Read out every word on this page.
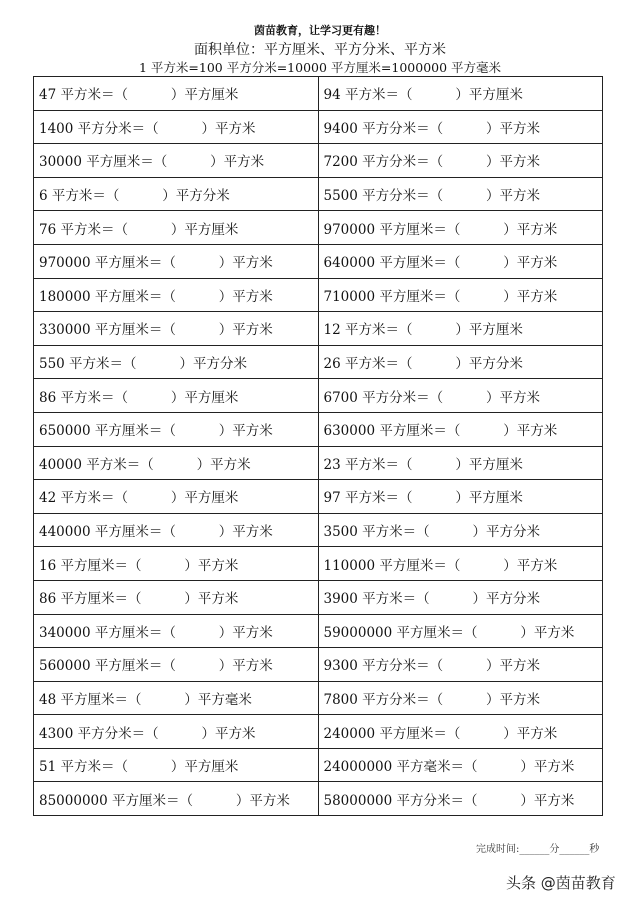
茵苗教育，让学习更有趣！
面积单位：平方厘米、平方分米、平方米
1 平方米=100 平方分米=10000 平方厘米=1000000 平方毫米
47 平方米＝（          ）平方厘米	94 平方米＝（          ）平方厘米

1400 平方分米＝（          ）平方米	9400 平方分米＝（          ）平方米

30000 平方厘米＝（          ）平方米	7200 平方分米＝（          ）平方米

6 平方米＝（          ）平方分米	5500 平方分米＝（          ）平方米

76 平方米＝（          ）平方厘米	970000 平方厘米＝（          ）平方米

970000 平方厘米＝（          ）平方米	640000 平方厘米＝（          ）平方米

180000 平方厘米＝（          ）平方米	710000 平方厘米＝（          ）平方米

330000 平方厘米＝（          ）平方米	12 平方米＝（          ）平方厘米

550 平方米＝（          ）平方分米	26 平方米＝（          ）平方分米

86 平方米＝（          ）平方厘米	6700 平方分米＝（          ）平方米

650000 平方厘米＝（          ）平方米	630000 平方厘米＝（          ）平方米

40000 平方米＝（          ）平方米	23 平方米＝（          ）平方厘米

42 平方米＝（          ）平方厘米	97 平方米＝（          ）平方厘米

440000 平方厘米＝（          ）平方米	3500 平方米＝（          ）平方分米

16 平方厘米＝（          ）平方米	110000 平方厘米＝（          ）平方米

86 平方厘米＝（          ）平方米	3900 平方米＝（          ）平方分米

340000 平方厘米＝（          ）平方米	59000000 平方厘米＝（          ）平方米

560000 平方厘米＝（          ）平方米	9300 平方分米＝（          ）平方米

48 平方厘米＝（          ）平方毫米	7800 平方分米＝（          ）平方米

4300 平方分米＝（          ）平方米	240000 平方厘米＝（          ）平方米

51 平方米＝（          ）平方厘米	24000000 平方毫米＝（          ）平方米

85000000 平方厘米＝（          ）平方米	58000000 平方分米＝（          ）平方米
完成时间:______分______秒
头条 @茵苗教育
